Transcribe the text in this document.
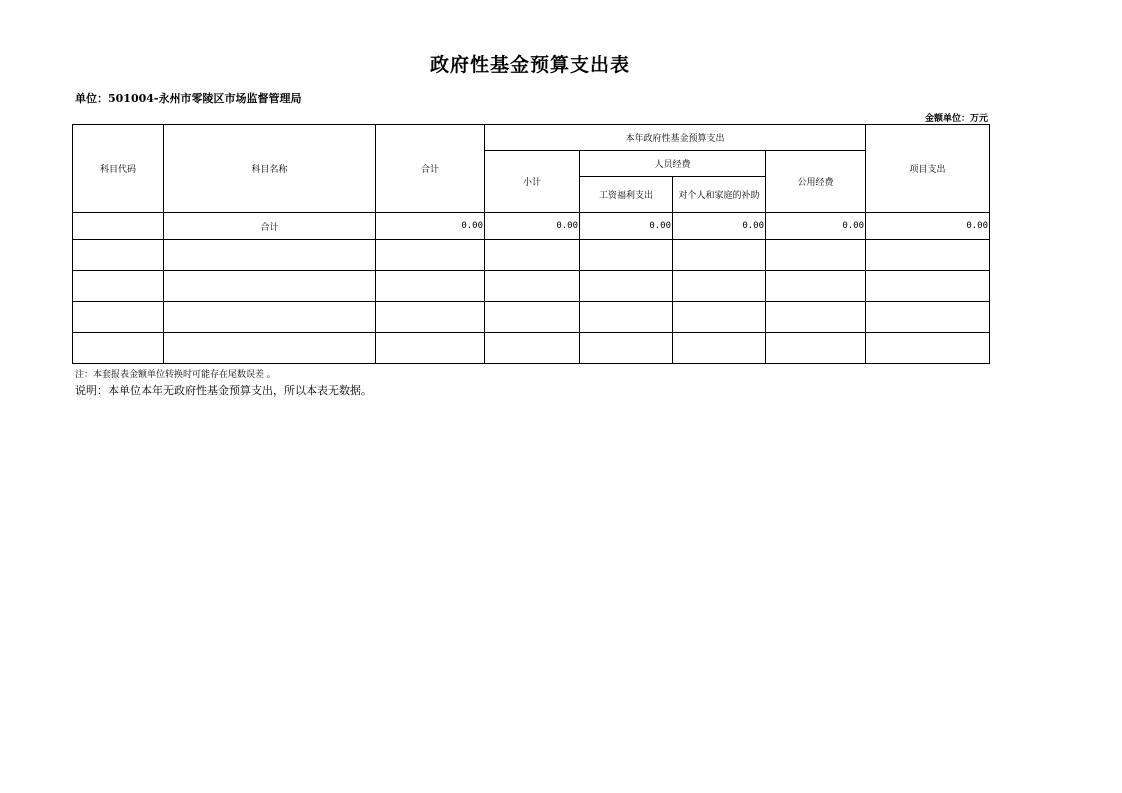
政府性基金预算支出表
单位：501004-永州市零陵区市场监督管理局
金额单位：万元
科目代码	科目名称	合计	本年政府性基金预算支出				项目支出
			小计	人员经费		公用经费	
				工资福利支出	对个人和家庭的补助		
	合计	0.00	0.00	0.00	0.00	0.00	0.00

注：本套报表金额单位转换时可能存在尾数误差 。
说明：本单位本年无政府性基金预算支出，所以本表无数据。
